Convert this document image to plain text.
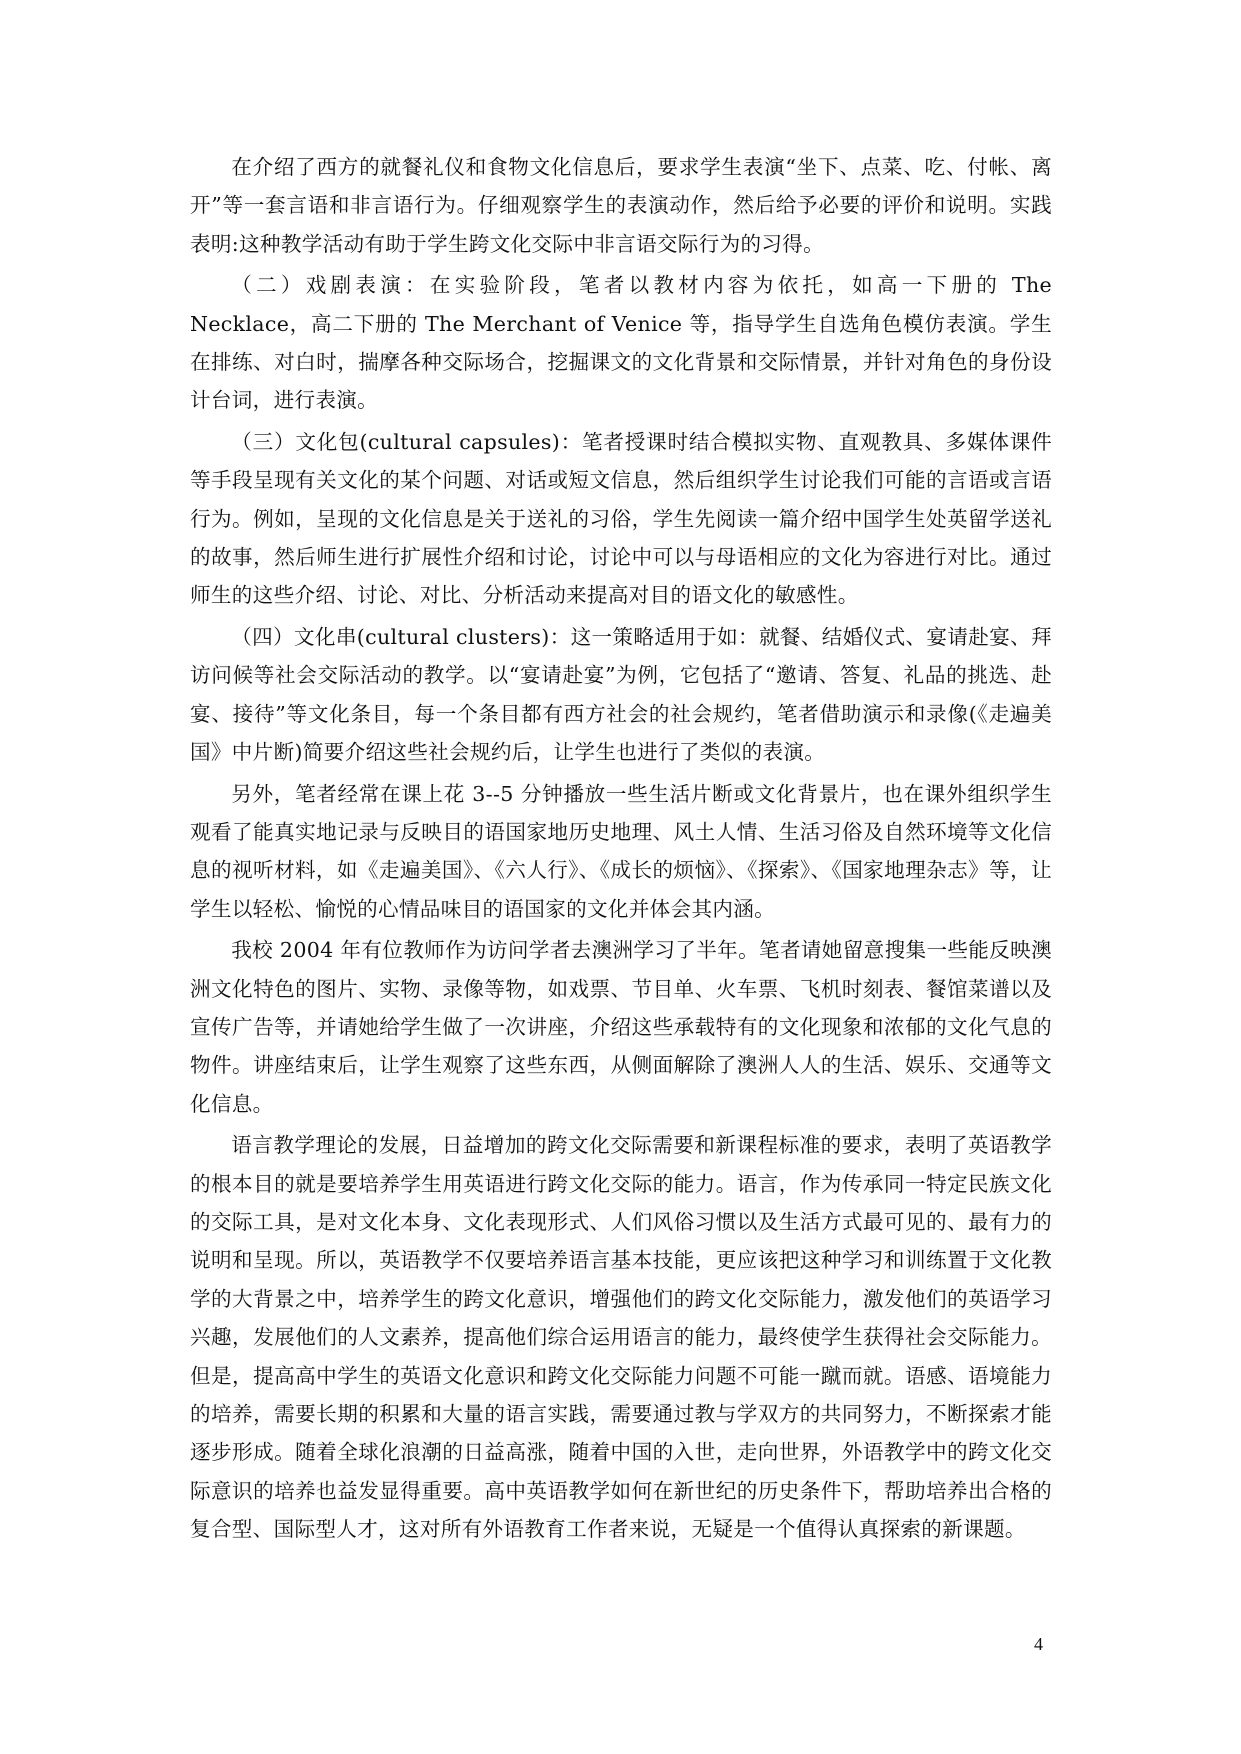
在介绍了西方的就餐礼仪和食物文化信息后，要求学生表演“坐下、点菜、吃、付帐、离开”等一套言语和非言语行为。仔细观察学生的表演动作，然后给予必要的评价和说明。实践表明:这种教学活动有助于学生跨文化交际中非言语交际行为的习得。

（二）戏剧表演：在实验阶段，笔者以教材内容为依托，如高一下册的 The Necklace，高二下册的 The Merchant of Venice 等，指导学生自选角色模仿表演。学生在排练、对白时，揣摩各种交际场合，挖掘课文的文化背景和交际情景，并针对角色的身份设计台词，进行表演。

（三）文化包(cultural capsules)：笔者授课时结合模拟实物、直观教具、多媒体课件等手段呈现有关文化的某个问题、对话或短文信息，然后组织学生讨论我们可能的言语或言语行为。例如，呈现的文化信息是关于送礼的习俗，学生先阅读一篇介绍中国学生处英留学送礼的故事，然后师生进行扩展性介绍和讨论，讨论中可以与母语相应的文化为容进行对比。通过师生的这些介绍、讨论、对比、分析活动来提高对目的语文化的敏感性。

（四）文化串(cultural clusters)：这一策略适用于如：就餐、结婚仪式、宴请赴宴、拜访问候等社会交际活动的教学。以“宴请赴宴”为例，它包括了“邀请、答复、礼品的挑选、赴宴、接待”等文化条目，每一个条目都有西方社会的社会规约，笔者借助演示和录像(《走遍美国》中片断)简要介绍这些社会规约后，让学生也进行了类似的表演。

另外，笔者经常在课上花 3--5 分钟播放一些生活片断或文化背景片，也在课外组织学生观看了能真实地记录与反映目的语国家地历史地理、风土人情、生活习俗及自然环境等文化信息的视听材料，如《走遍美国》、《六人行》、《成长的烦恼》、《探索》、《国家地理杂志》等，让学生以轻松、愉悦的心情品味目的语国家的文化并体会其内涵。

我校 2004 年有位教师作为访问学者去澳洲学习了半年。笔者请她留意搜集一些能反映澳洲文化特色的图片、实物、录像等物，如戏票、节目单、火车票、飞机时刻表、餐馆菜谱以及宣传广告等，并请她给学生做了一次讲座，介绍这些承载特有的文化现象和浓郁的文化气息的物件。讲座结束后，让学生观察了这些东西，从侧面解除了澳洲人人的生活、娱乐、交通等文化信息。

语言教学理论的发展，日益增加的跨文化交际需要和新课程标准的要求，表明了英语教学的根本目的就是要培养学生用英语进行跨文化交际的能力。语言，作为传承同一特定民族文化的交际工具，是对文化本身、文化表现形式、人们风俗习惯以及生活方式最可见的、最有力的说明和呈现。所以，英语教学不仅要培养语言基本技能，更应该把这种学习和训练置于文化教学的大背景之中，培养学生的跨文化意识，增强他们的跨文化交际能力，激发他们的英语学习兴趣，发展他们的人文素养，提高他们综合运用语言的能力，最终使学生获得社会交际能力。但是，提高高中学生的英语文化意识和跨文化交际能力问题不可能一蹴而就。语感、语境能力的培养，需要长期的积累和大量的语言实践，需要通过教与学双方的共同努力，不断探索才能逐步形成。随着全球化浪潮的日益高涨，随着中国的入世，走向世界，外语教学中的跨文化交际意识的培养也益发显得重要。高中英语教学如何在新世纪的历史条件下，帮助培养出合格的复合型、国际型人才，这对所有外语教育工作者来说，无疑是一个值得认真探索的新课题。

4
